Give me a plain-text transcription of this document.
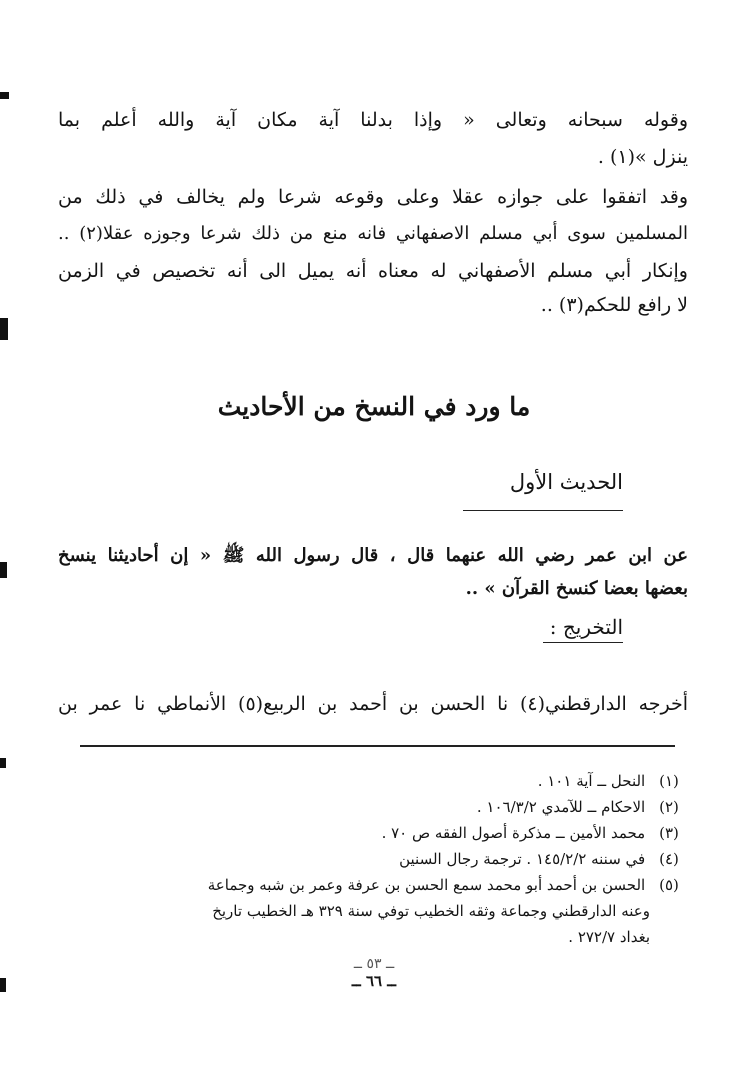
وقوله سبحانه وتعالى « وإذا بدلنا آية مكان آية والله أعلم بما
ينزل »(١) .
وقد اتفقوا على جوازه عقلا وعلى وقوعه شرعا ولم يخالف في ذلك من
المسلمين سوى أبي مسلم الاصفهاني فانه منع من ذلك شرعا وجوزه عقلا(٢) ..
وإنكار أبي مسلم الأصفهاني له معناه أنه يميل الى أنه تخصيص في الزمن
لا رافع للحكم(٣) ..
ما ورد في النسخ من الأحاديث
الحديث الأول
عن ابن عمر رضي الله عنهما قال ، قال رسول الله ﷺ « إن أحاديثنا ينسخ
بعضها بعضا كنسخ القرآن » ..
التخريج :
أخرجه الدارقطني(٤) نا الحسن بن أحمد بن الربيع(٥) الأنماطي نا عمر بن
(١) النحل ــ آية ١٠١ .
(٢) الاحكام ــ للآمدي ١٠٦/٣/٢ .
(٣) محمد الأمين ــ مذكرة أصول الفقه ص ٧٠ .
(٤) في سننه ١٤٥/٢/٢ . ترجمة رجال السنين
(٥) الحسن بن أحمد أبو محمد سمع الحسن بن عرفة وعمر بن شبه وجماعة
وعنه الدارقطني وجماعة وثقه الخطيب توفي سنة ٣٢٩ هـ الخطيب تاريخ
بغداد ٢٧٢/٧ .
ــ ٥٣ ــ
ــ ٦٦ ــ
